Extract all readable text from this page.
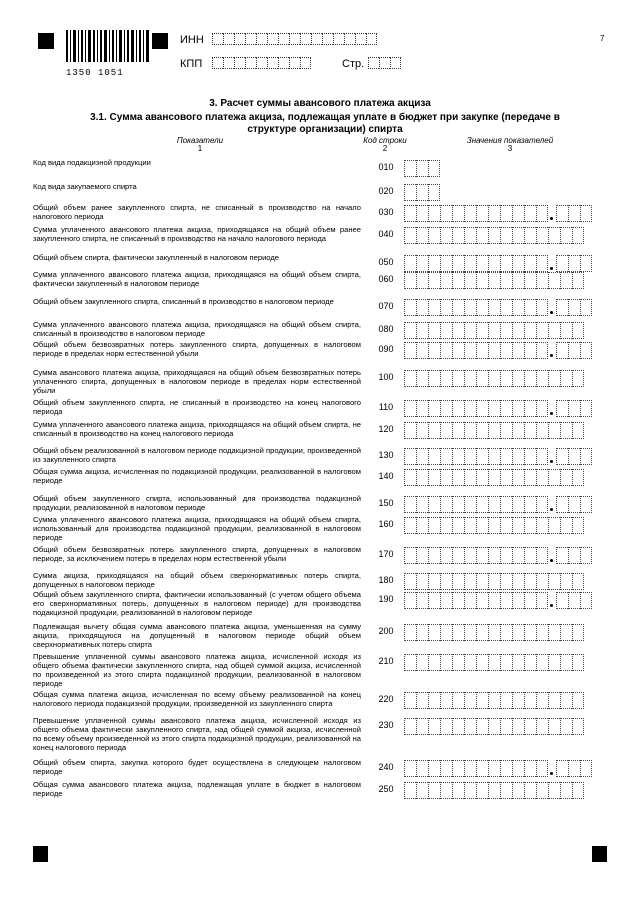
1350 1051
ИНН
КПП	Стр.
7
3. Расчет суммы авансового платежа акциза
3.1. Сумма авансового платежа акциза, подлежащая уплате в бюджет при закупке (передаче в структуре организации) спирта
Показатели
1
Код строки
2
Значения показателей
3
Код вида подакцизной продукции	010
Код вида закупаемого спирта	020
Общий объем ранее закупленного спирта, не списанный в производство на начало налогового периода	030
Сумма уплаченного авансового платежа акциза, приходящаяся на общий объем ранее закупленного спирта, не списанный в производство на начало налогового периода	040
Общий объем спирта, фактически закупленный в налоговом периоде	050
Сумма уплаченного авансового платежа акциза, приходящаяся на общий объем спирта, фактически закупленный в налоговом периоде	060
Общий объем закупленного спирта, списанный в производство в налоговом периоде	070
Сумма уплаченного авансового платежа акциза, приходящаяся на общий объем спирта, списанный в производство в налоговом периоде	080
Общий объем безвозвратных потерь закупленного спирта, допущенных в налоговом периоде в пределах норм естественной убыли	090
Сумма авансового платежа акциза, приходящаяся на общий объем безвозвратных потерь уплаченного спирта, допущенных в налоговом периоде в пределах норм естественной убыли
100
Общий объем закупленного спирта, не списанный в производство на конец налогового периода	110
Сумма уплаченного авансового платежа акциза, приходящаяся на общий объем спирта, не списанный в производство на конец налогового периода	120
Общий объем реализованной в налоговом периоде подакцизной продукции, произведенной из закупленного спирта	130
Общая сумма акциза, исчисленная по подакцизной продукции, реализованной в налоговом периоде	140
Общий объем закупленного спирта, использованный для производства подакцизной продукции, реализованной в налоговом периоде	150
Сумма уплаченного авансового платежа акциза, приходящаяся на общий объем спирта, использованный для производства подакцизной продукции, реализованной в налоговом периоде
160
Общий объем безвозвратных потерь закупленного спирта, допущенных в налоговом периоде, за исключением потерь в пределах норм естественной убыли	170
Сумма акциза, приходящаяся на общий объем сверхнормативных потерь спирта, допущенных в налоговом периоде	180
Общий объем закупленного спирта, фактически использованный (с учетом общего объема его сверхнормативных потерь, допущенных в налоговом периоде) для производства подакцизной продукции, реализованной в налоговом периоде
190
Подлежащая вычету общая сумма авансового платежа акциза, уменьшенная на сумму акциза, приходящуюся на допущенный в налоговом периоде общий объем сверхнормативных потерь спирта
200
Превышение уплаченной суммы авансового платежа акциза, исчисленной исходя из общего объема фактически закупленного спирта, над общей суммой акциза, исчисленной по произведенной из этого спирта подакцизной продукции, реализованной в налоговом периоде
210
Общая сумма платежа акциза, исчисленная по всему объему реализованной на конец налогового периода подакцизной продукции, произведенной из закупленного спирта	220
Превышение уплаченной суммы авансового платежа акциза, исчисленной исходя из общего объема фактически закупленного спирта, над общей суммой акциза, исчисленной по всему объему произведенной из этого спирта подакцизной продукции, реализованной на конец налогового периода
230
Общий объем спирта, закупка которого будет осуществлена в следующем налоговом периоде	240
Общая сумма авансового платежа акциза, подлежащая уплате в бюджет в налоговом периоде	250
